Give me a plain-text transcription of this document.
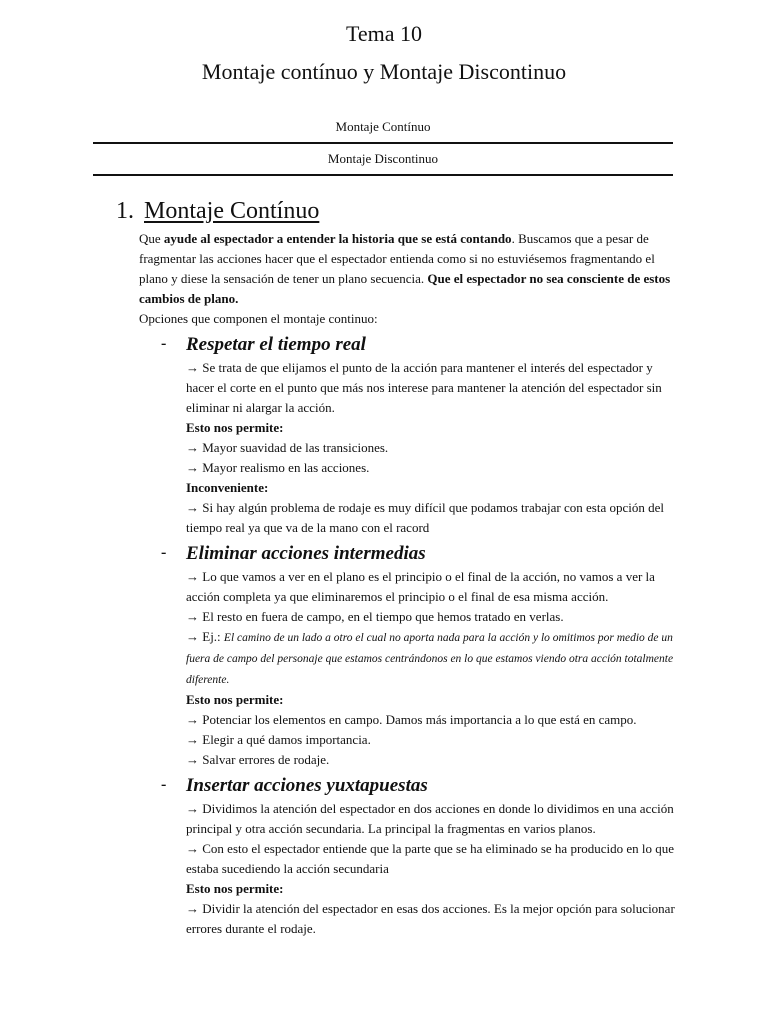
Tema 10
Montaje contínuo y Montaje Discontinuo
Montaje Contínuo
Montaje Discontinuo
1. Montaje Contínuo

Que ayude al espectador a entender la historia que se está contando. Buscamos que a pesar de fragmentar las acciones hacer que el espectador entienda como si no estuviésemos fragmentando el plano y diese la sensación de tener un plano secuencia. Que el espectador no sea consciente de estos cambios de plano.

Opciones que componen el montaje continuo:

- Respetar el tiempo real

→ Se trata de que elijamos el punto de la acción para mantener el interés del espectador y hacer el corte en el punto que más nos interese para mantener la atención del espectador sin eliminar ni alargar la acción.

Esto nos permite:

→ Mayor suavidad de las transiciones.

→ Mayor realismo en las acciones.

Inconveniente:

→ Si hay algún problema de rodaje es muy difícil que podamos trabajar con esta opción del tiempo real ya que va de la mano con el racord

- Eliminar acciones intermedias

→ Lo que vamos a ver en el plano es el principio o el final de la acción, no vamos a ver la acción completa ya que eliminaremos el principio o el final de esa misma acción.

→ El resto en fuera de campo, en el tiempo que hemos tratado en verlas.

→ Ej.: El camino de un lado a otro el cual no aporta nada para la acción y lo omitimos por medio de un fuera de campo del personaje que estamos centrándonos en lo que estamos viendo otra acción totalmente diferente.

Esto nos permite:

→ Potenciar los elementos en campo. Damos más importancia a lo que está en campo.

→ Elegir a qué damos importancia.

→ Salvar errores de rodaje.

- Insertar acciones yuxtapuestas

→ Dividimos la atención del espectador en dos acciones en donde lo dividimos en una acción principal y otra acción secundaria. La principal la fragmentas en varios planos.

→ Con esto el espectador entiende que la parte que se ha eliminado se ha producido en lo que estaba sucediendo la acción secundaria

Esto nos permite:

→ Dividir la atención del espectador en esas dos acciones. Es la mejor opción para solucionar errores durante el rodaje.
